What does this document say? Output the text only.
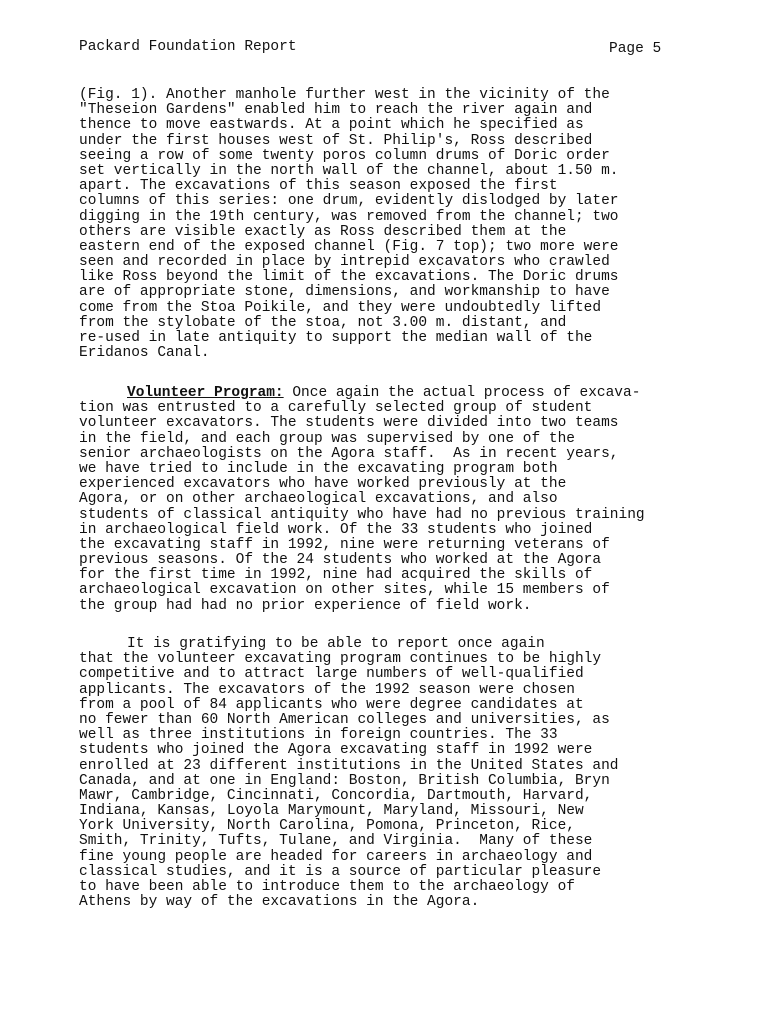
Packard Foundation Report	Page 5
(Fig. 1). Another manhole further west in the vicinity of the
"Theseion Gardens" enabled him to reach the river again and
thence to move eastwards. At a point which he specified as
under the first houses west of St. Philip's, Ross described
seeing a row of some twenty poros column drums of Doric order
set vertically in the north wall of the channel, about 1.50 m.
apart. The excavations of this season exposed the first
columns of this series: one drum, evidently dislodged by later
digging in the 19th century, was removed from the channel; two
others are visible exactly as Ross described them at the
eastern end of the exposed channel (Fig. 7 top); two more were
seen and recorded in place by intrepid excavators who crawled
like Ross beyond the limit of the excavations. The Doric drums
are of appropriate stone, dimensions, and workmanship to have
come from the Stoa Poikile, and they were undoubtedly lifted
from the stylobate of the stoa, not 3.00 m. distant, and
re-used in late antiquity to support the median wall of the
Eridanos Canal.
Volunteer Program: Once again the actual process of excava-
tion was entrusted to a carefully selected group of student
volunteer excavators. The students were divided into two teams
in the field, and each group was supervised by one of the
senior archaeologists on the Agora staff.  As in recent years,
we have tried to include in the excavating program both
experienced excavators who have worked previously at the
Agora, or on other archaeological excavations, and also
students of classical antiquity who have had no previous training
in archaeological field work. Of the 33 students who joined
the excavating staff in 1992, nine were returning veterans of
previous seasons. Of the 24 students who worked at the Agora
for the first time in 1992, nine had acquired the skills of
archaeological excavation on other sites, while 15 members of
the group had had no prior experience of field work.
It is gratifying to be able to report once again
that the volunteer excavating program continues to be highly
competitive and to attract large numbers of well-qualified
applicants. The excavators of the 1992 season were chosen
from a pool of 84 applicants who were degree candidates at
no fewer than 60 North American colleges and universities, as
well as three institutions in foreign countries. The 33
students who joined the Agora excavating staff in 1992 were
enrolled at 23 different institutions in the United States and
Canada, and at one in England: Boston, British Columbia, Bryn
Mawr, Cambridge, Cincinnati, Concordia, Dartmouth, Harvard,
Indiana, Kansas, Loyola Marymount, Maryland, Missouri, New
York University, North Carolina, Pomona, Princeton, Rice,
Smith, Trinity, Tufts, Tulane, and Virginia.  Many of these
fine young people are headed for careers in archaeology and
classical studies, and it is a source of particular pleasure
to have been able to introduce them to the archaeology of
Athens by way of the excavations in the Agora.
